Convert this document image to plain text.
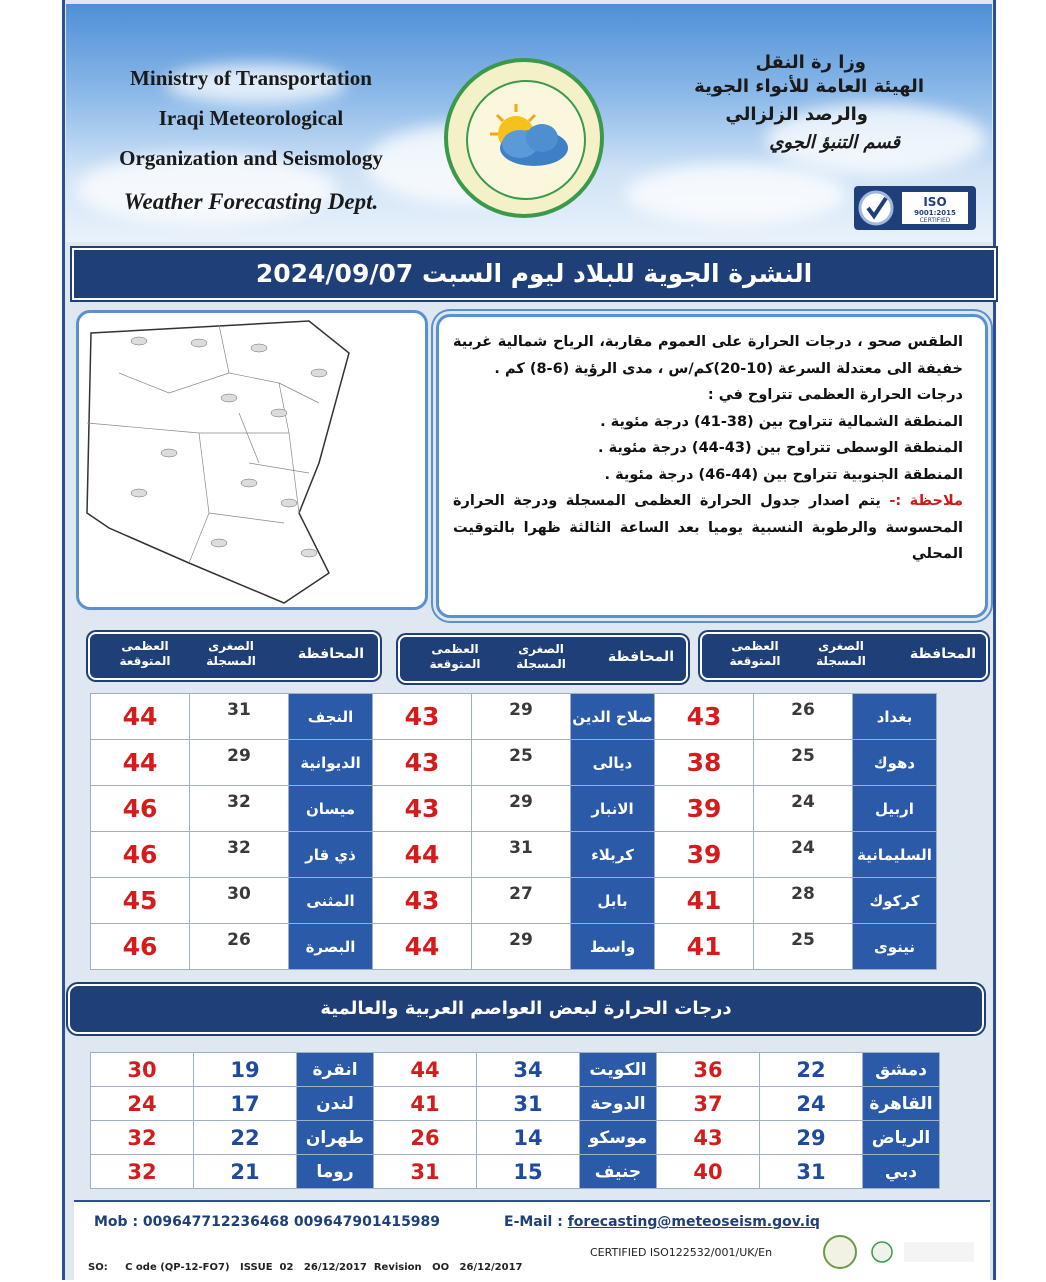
Ministry of Transportation
Iraqi Meteorological
Organization and Seismology
Weather Forecasting Dept.
وزا رة النقل
الهيئة العامة للأنواء الجوية
والرصد الزلزالي
قسم التنبؤ الجوي
ISO
9001:2015
CERTIFIED
النشرة الجوية للبلاد ليوم السبت 2024/09/07
الطقس صحو ، درجات الحرارة على العموم مقاربة، الرياح شمالية غربية خفيفة الى معتدلة السرعة (10-20)كم/س ، مدى الرؤية (6-8) كم .
درجات الحرارة العظمى تتراوح في :
المنطقة الشمالية تتراوح بين (38-41) درجة مئوية .
المنطقة الوسطى تتراوح بين (43-44) درجة مئوية .
المنطقة الجنوبية تتراوح بين (44-46) درجة مئوية .
ملاحظة :- يتم اصدار جدول الحرارة العظمى المسجلة ودرجة الحرارة المحسوسة والرطوبة النسبية يوميا بعد الساعة الثالثة ظهرا بالتوقيت المحلي
المحافظة
الصغرى
المسجلة
العظمى
المتوقعة
المحافظة
الصغرى
المسجلة
العظمى
المتوقعة
المحافظة
الصغرى
المسجلة
العظمى
المتوقعة
44	31	النجف	43	29	صلاح الدين	43	26	بغداد
44	29	الديوانية	43	25	ديالى	38	25	دهوك
46	32	ميسان	43	29	الانبار	39	24	اربيل
46	32	ذي قار	44	31	كربلاء	39	24	السليمانية
45	30	المثنى	43	27	بابل	41	28	كركوك
46	26	البصرة	44	29	واسط	41	25	نينوى
درجات الحرارة لبعض العواصم العربية والعالمية
30	19	انقرة	44	34	الكويت	36	22	دمشق
24	17	لندن	41	31	الدوحة	37	24	القاهرة
32	22	طهران	26	14	موسكو	43	29	الرياض
32	21	روما	31	15	جنيف	40	31	دبي
Mob : 009647712236468 009647901415989	E-Mail : forecasting@meteoseism.gov.iq
CERTIFIED ISO122532/001/UK/En
SO:     C ode (QP-12-FO7)   ISSUE  02   26/12/2017  Revision   OO   26/12/2017
